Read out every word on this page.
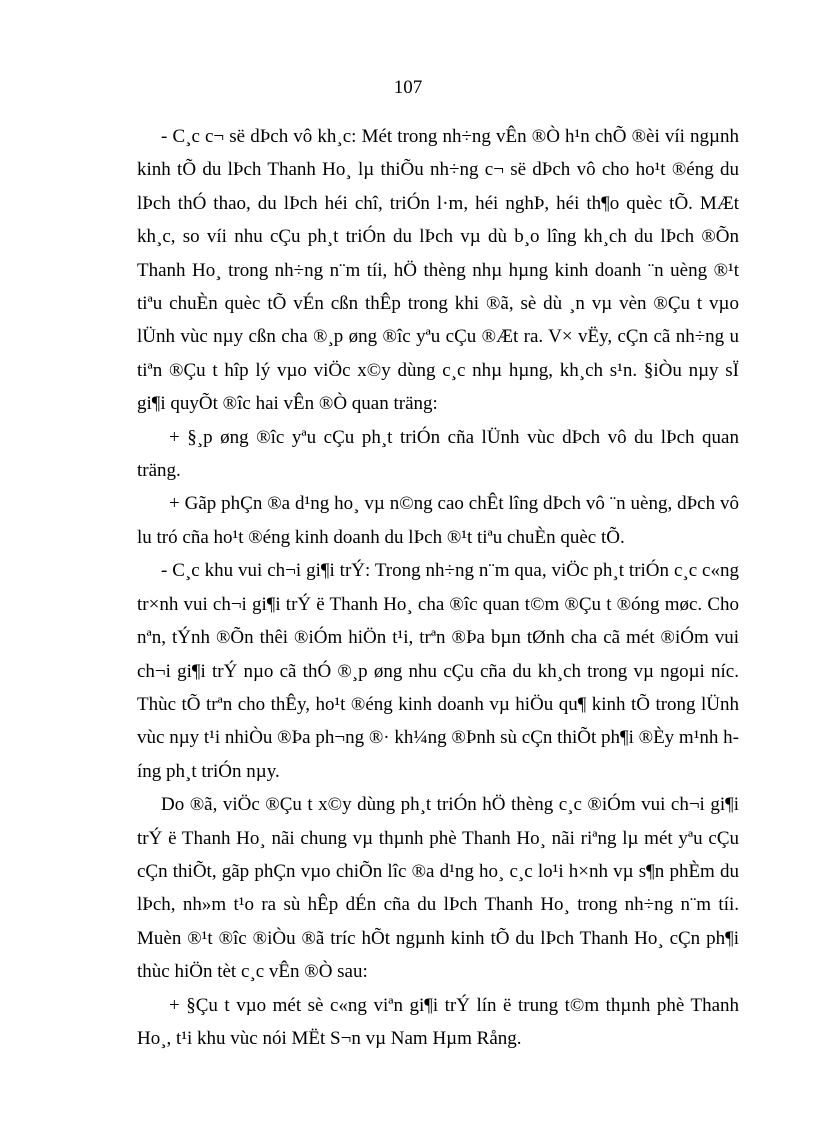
107

- C¸c c¬ së dÞch vô kh¸c: Mét trong nh÷ng vÊn ®Ò h¹n chÕ ®èi víi ngµnh kinh tÕ du lÞch Thanh Ho¸ lµ thiÕu nh÷ng c¬ së dÞch vô cho ho¹t ®éng du lÞch thÓ thao, du lÞch héi chî, triÓn l·m, héi nghÞ, héi th¶o quèc tÕ. MÆt kh¸c, so víi nhu cÇu ph¸t triÓn du lÞch vµ dù b¸o lîng kh¸ch du lÞch ®Õn Thanh Ho¸ trong nh÷ng n¨m tíi, hÖ thèng nhµ hµng kinh doanh ¨n uèng ®¹t tiªu chuÈn quèc tÕ vÉn cßn thÊp trong khi ®ã, sè dù ¸n vµ vèn ®Çu t vµo lÜnh vùc nµy cßn cha ®¸p øng ®îc yªu cÇu ®Æt ra. V× vËy, cÇn cã nh÷ng u tiªn ®Çu t hîp lý vµo viÖc x©y dùng c¸c nhµ hµng, kh¸ch s¹n. §iÒu nµy sÏ gi¶i quyÕt ®îc hai vÊn ®Ò quan träng:

+ §¸p øng ®îc yªu cÇu ph¸t triÓn cña lÜnh vùc dÞch vô du lÞch quan träng.

+ Gãp phÇn ®a d¹ng ho¸ vµ n©ng cao chÊt lîng dÞch vô ¨n uèng, dÞch vô lu tró cña ho¹t ®éng kinh doanh du lÞch ®¹t tiªu chuÈn quèc tÕ.

- C¸c khu vui ch¬i gi¶i trÝ: Trong nh÷ng n¨m qua, viÖc ph¸t triÓn c¸c c«ng tr×nh vui ch¬i gi¶i trÝ ë Thanh Ho¸ cha ®îc quan t©m ®Çu t ®óng møc. Cho nªn, tÝnh ®Õn thêi ®iÓm hiÖn t¹i, trªn ®Þa bµn tØnh cha cã mét ®iÓm vui ch¬i gi¶i trÝ nµo cã thÓ ®¸p øng nhu cÇu cña du kh¸ch trong vµ ngoµi níc. Thùc tÕ trªn cho thÊy, ho¹t ®éng kinh doanh vµ hiÖu qu¶ kinh tÕ trong lÜnh vùc nµy t¹i nhiÒu ®Þa ph¬ng ®· kh¼ng ®Þnh sù cÇn thiÕt ph¶i ®Èy m¹nh híng ph¸t triÓn nµy.

Do ®ã, viÖc ®Çu t x©y dùng ph¸t triÓn hÖ thèng c¸c ®iÓm vui ch¬i gi¶i trÝ ë Thanh Ho¸ nãi chung vµ thµnh phè Thanh Ho¸ nãi riªng lµ mét yªu cÇu cÇn thiÕt, gãp phÇn vµo chiÕn lîc ®a d¹ng ho¸ c¸c lo¹i h×nh vµ s¶n phÈm du lÞch, nh»m t¹o ra sù hÊp dÉn cña du lÞch Thanh Ho¸ trong nh÷ng n¨m tíi. Muèn ®¹t ®îc ®iÒu ®ã tríc hÕt ngµnh kinh tÕ du lÞch Thanh Ho¸ cÇn ph¶i thùc hiÖn tèt c¸c vÊn ®Ò sau:

+ §Çu t vµo mét sè c«ng viªn gi¶i trÝ lín ë trung t©m thµnh phè Thanh Ho¸, t¹i khu vùc nói MËt S¬n vµ Nam Hµm Rång.
